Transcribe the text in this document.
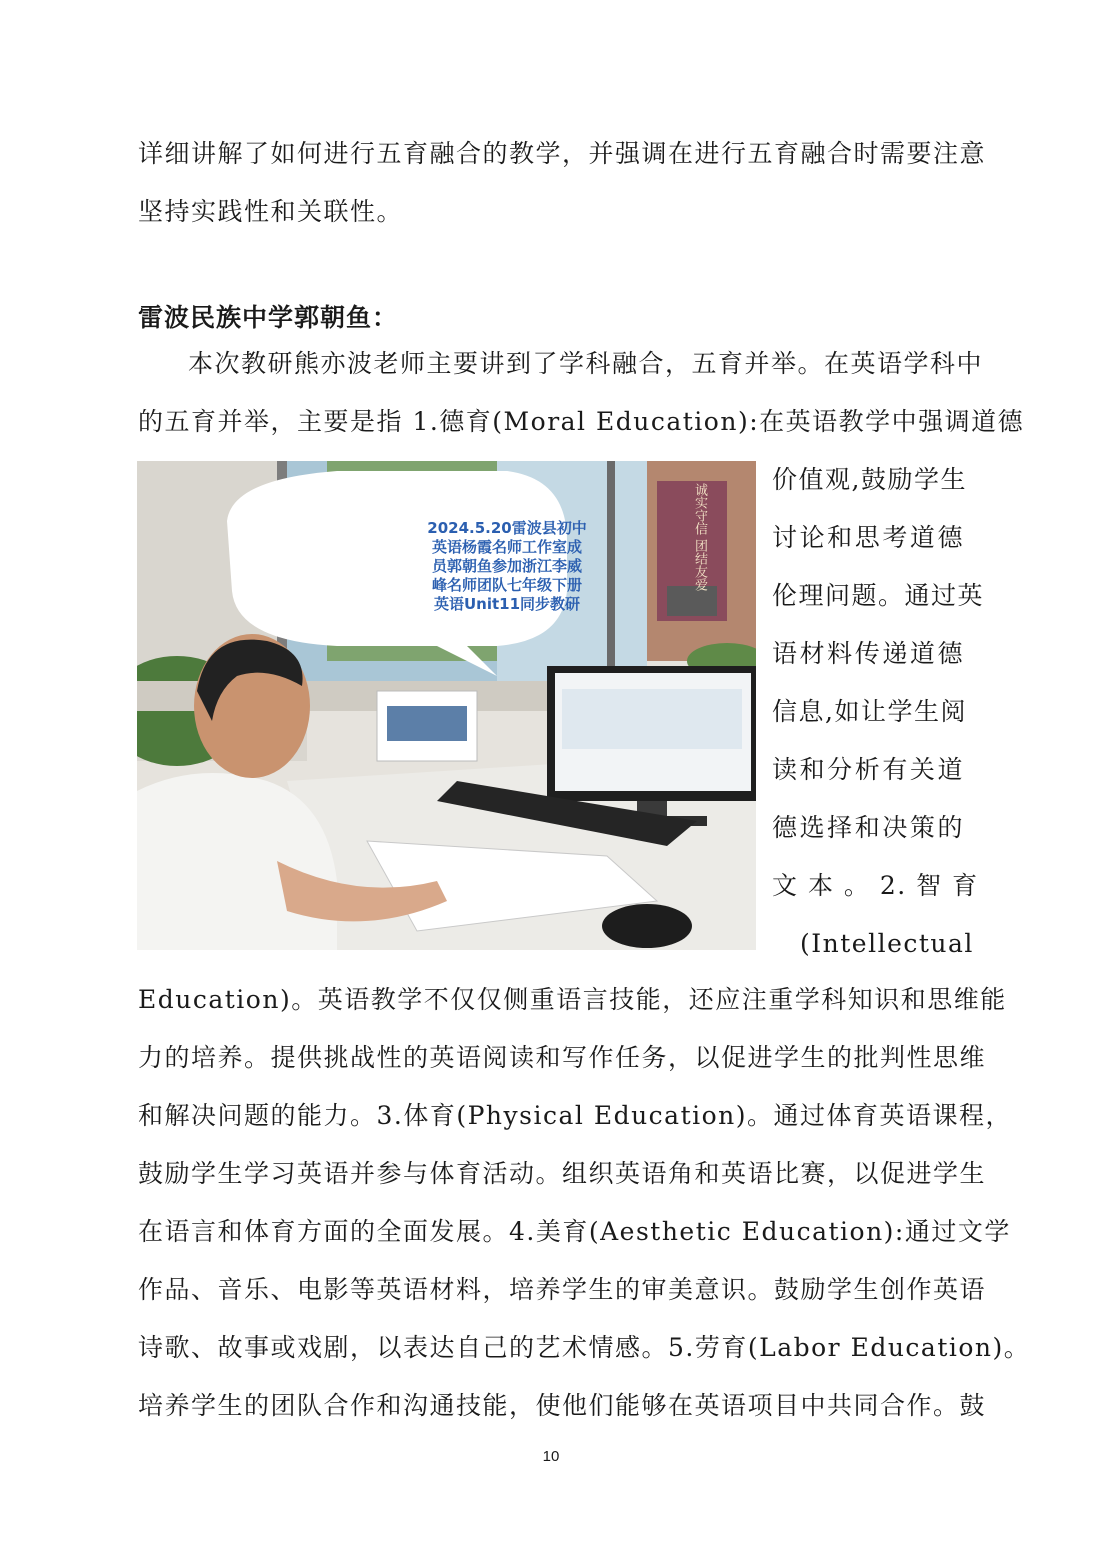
详细讲解了如何进行五育融合的教学，并强调在进行五育融合时需要注意
坚持实践性和关联性。
雷波民族中学郭朝鱼：
本次教研熊亦波老师主要讲到了学科融合，五育并举。在英语学科中
的五育并举，主要是指 1.德育(Moral Education):在英语教学中强调道德
2024.5.20雷波县初中
英语杨霞名师工作室成
员郭朝鱼参加浙江李威
峰名师团队七年级下册
英语Unit11同步教研
诚实守信 团结友爱
价值观,鼓励学生
讨论和思考道德
伦理问题。通过英
语材料传递道德
信息,如让学生阅
读和分析有关道
德选择和决策的
文 本 。 2. 智 育
(Intellectual
Education)。英语教学不仅仅侧重语言技能，还应注重学科知识和思维能
力的培养。提供挑战性的英语阅读和写作任务，以促进学生的批判性思维
和解决问题的能力。3.体育(Physical Education)。通过体育英语课程，
鼓励学生学习英语并参与体育活动。组织英语角和英语比赛，以促进学生
在语言和体育方面的全面发展。4.美育(Aesthetic Education):通过文学
作品、音乐、电影等英语材料，培养学生的审美意识。鼓励学生创作英语
诗歌、故事或戏剧，以表达自己的艺术情感。5.劳育(Labor Education)。
培养学生的团队合作和沟通技能，使他们能够在英语项目中共同合作。鼓
10
